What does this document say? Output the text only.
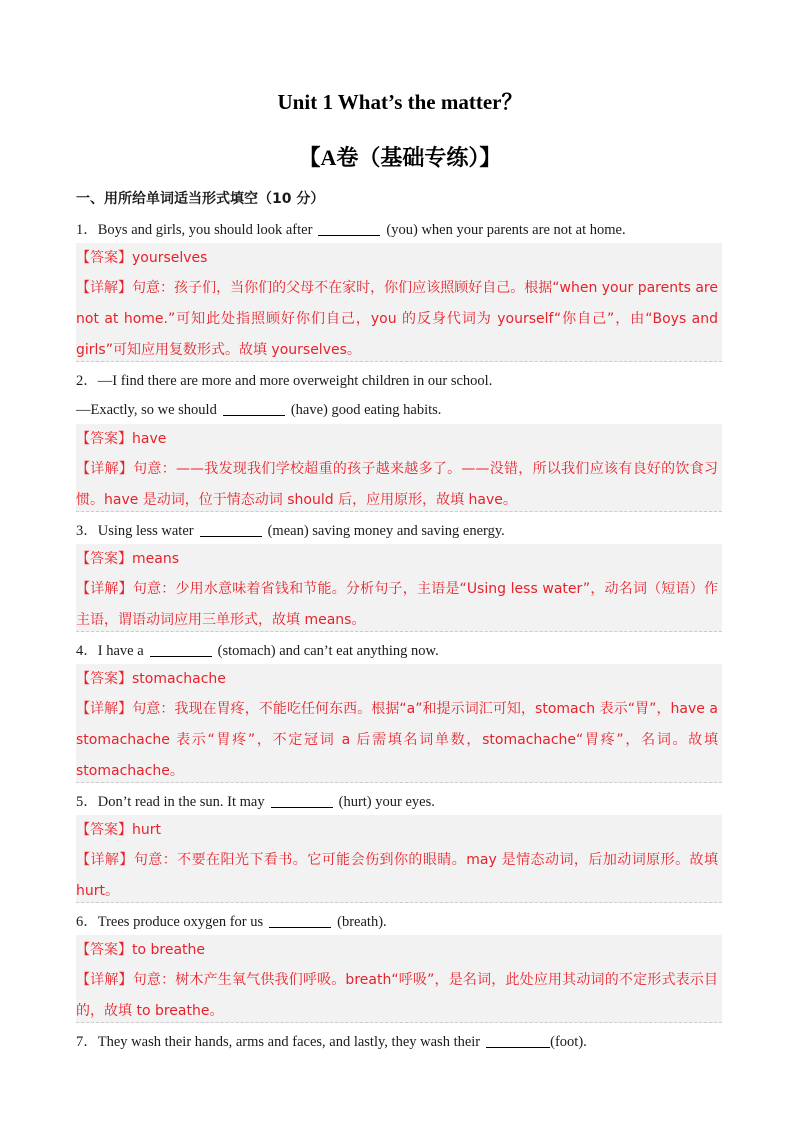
Unit 1 What’s the matter？
【A卷（基础专练）】
一、用所给单词适当形式填空（10 分）
1．Boys and girls, you should look after	(you) when your parents are not at home.
【答案】yourselves
【详解】句意：孩子们，当你们的父母不在家时，你们应该照顾好自己。根据“when your parents are not at home.”可知此处指照顾好你们自己，you 的反身代词为 yourself“你自己”，由“Boys and girls”可知应用复数形式。故填 yourselves。
2．—I find there are more and more overweight children in our school.
—Exactly, so we should	(have) good eating habits.
【答案】have
【详解】句意：——我发现我们学校超重的孩子越来越多了。——没错，所以我们应该有良好的饮食习惯。have 是动词，位于情态动词 should 后，应用原形，故填 have。
3．Using less water	(mean) saving money and saving energy.
【答案】means
【详解】句意：少用水意味着省钱和节能。分析句子，主语是“Using less water”，动名词（短语）作主语，谓语动词应用三单形式，故填 means。
4．I have a	(stomach) and can’t eat anything now.
【答案】stomachache
【详解】句意：我现在胃疼，不能吃任何东西。根据“a”和提示词汇可知，stomach 表示“胃”，have a stomachache 表示“胃疼”，不定冠词 a 后需填名词单数，stomachache“胃疼”，名词。故填 stomachache。
5．Don’t read in the sun. It may	(hurt) your eyes.
【答案】hurt
【详解】句意：不要在阳光下看书。它可能会伤到你的眼睛。may 是情态动词，后加动词原形。故填 hurt。
6．Trees produce oxygen for us	(breath).
【答案】to breathe
【详解】句意：树木产生氧气供我们呼吸。breath“呼吸”，是名词，此处应用其动词的不定形式表示目的，故填 to breathe。
7．They wash their hands, arms and faces, and lastly, they wash their	(foot).
